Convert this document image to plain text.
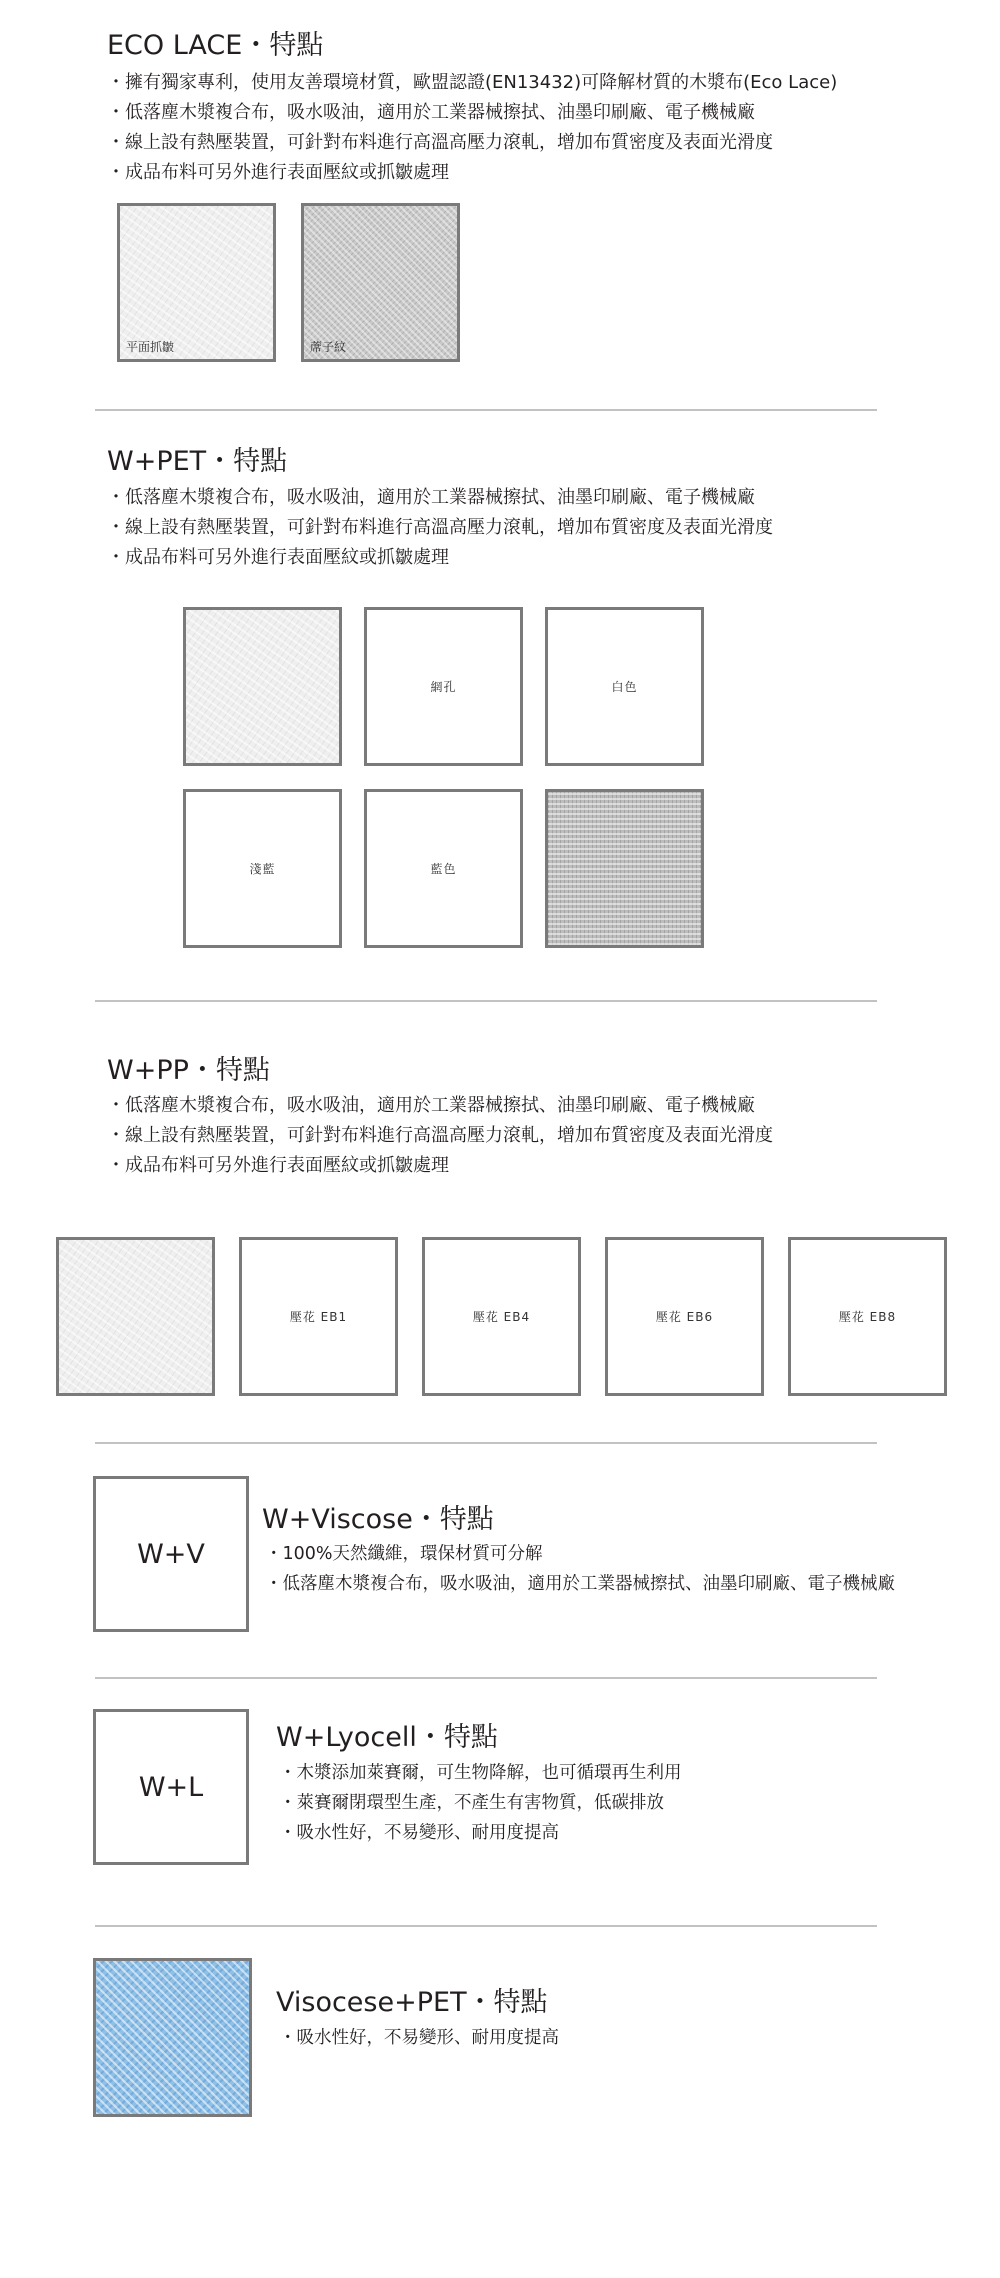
ECO LACE・特點
・擁有獨家專利，使用友善環境材質，歐盟認證(EN13432)可降解材質的木漿布(Eco Lace)
・低落塵木漿複合布，吸水吸油，適用於工業器械擦拭、油墨印刷廠、電子機械廠
・線上設有熱壓裝置，可針對布料進行高溫高壓力滾軋，增加布質密度及表面光滑度
・成品布料可另外進行表面壓紋或抓皺處理
平面抓皺	蓆子紋
W+PET・特點
・低落塵木漿複合布，吸水吸油，適用於工業器械擦拭、油墨印刷廠、電子機械廠
・線上設有熱壓裝置，可針對布料進行高溫高壓力滾軋，增加布質密度及表面光滑度
・成品布料可另外進行表面壓紋或抓皺處理
網孔	白色
淺藍	藍色
W+PP・特點
・低落塵木漿複合布，吸水吸油，適用於工業器械擦拭、油墨印刷廠、電子機械廠
・線上設有熱壓裝置，可針對布料進行高溫高壓力滾軋，增加布質密度及表面光滑度
・成品布料可另外進行表面壓紋或抓皺處理
壓花 EB1	壓花 EB4	壓花 EB6	壓花 EB8
W+V
W+Viscose・特點
・100%天然纖維，環保材質可分解
・低落塵木漿複合布，吸水吸油，適用於工業器械擦拭、油墨印刷廠、電子機械廠
W+L
W+Lyocell・特點
・木漿添加萊賽爾，可生物降解，也可循環再生利用
・萊賽爾閉環型生產，不產生有害物質，低碳排放
・吸水性好，不易變形、耐用度提高
Visocese+PET・特點
・吸水性好，不易變形、耐用度提高
